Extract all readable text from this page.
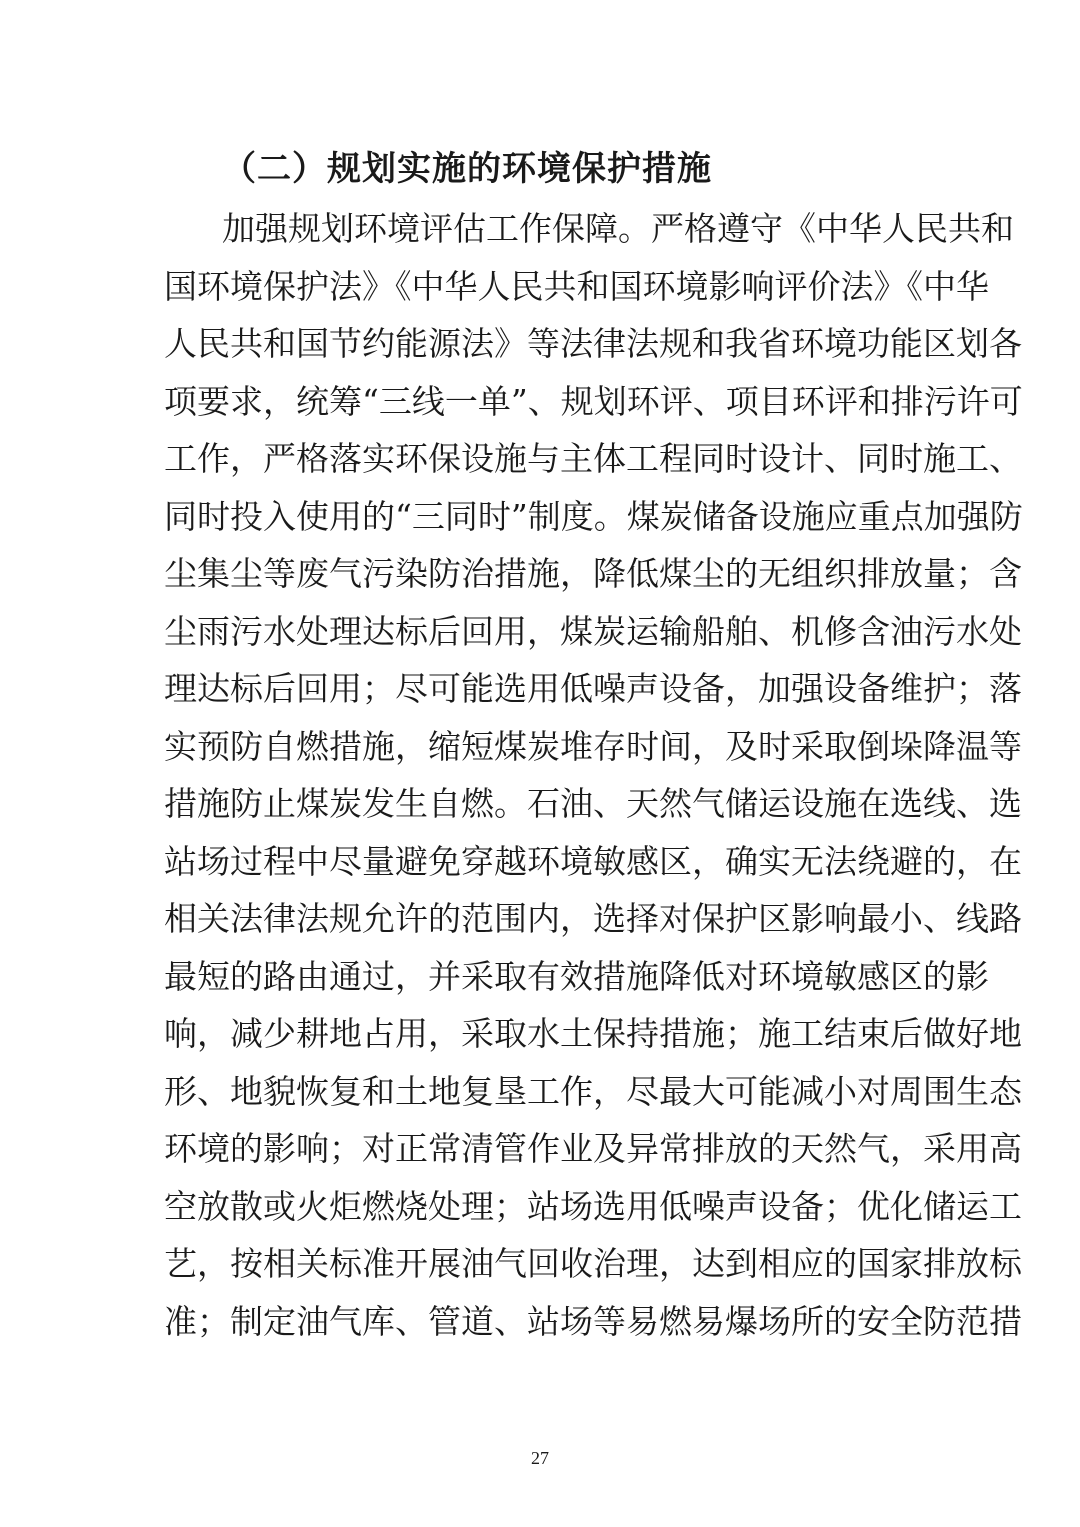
（二）规划实施的环境保护措施
加强规划环境评估工作保障。严格遵守《中华人民共和
国环境保护法》《中华人民共和国环境影响评价法》《中华
人民共和国节约能源法》等法律法规和我省环境功能区划各
项要求，统筹“三线一单”、规划环评、项目环评和排污许可
工作，严格落实环保设施与主体工程同时设计、同时施工、
同时投入使用的“三同时”制度。煤炭储备设施应重点加强防
尘集尘等废气污染防治措施，降低煤尘的无组织排放量；含
尘雨污水处理达标后回用，煤炭运输船舶、机修含油污水处
理达标后回用；尽可能选用低噪声设备，加强设备维护；落
实预防自燃措施，缩短煤炭堆存时间，及时采取倒垛降温等
措施防止煤炭发生自燃。石油、天然气储运设施在选线、选
站场过程中尽量避免穿越环境敏感区，确实无法绕避的，在
相关法律法规允许的范围内，选择对保护区影响最小、线路
最短的路由通过，并采取有效措施降低对环境敏感区的影
响，减少耕地占用，采取水土保持措施；施工结束后做好地
形、地貌恢复和土地复垦工作，尽最大可能减小对周围生态
环境的影响；对正常清管作业及异常排放的天然气，采用高
空放散或火炬燃烧处理；站场选用低噪声设备；优化储运工
艺，按相关标准开展油气回收治理，达到相应的国家排放标
准；制定油气库、管道、站场等易燃易爆场所的安全防范措
27
